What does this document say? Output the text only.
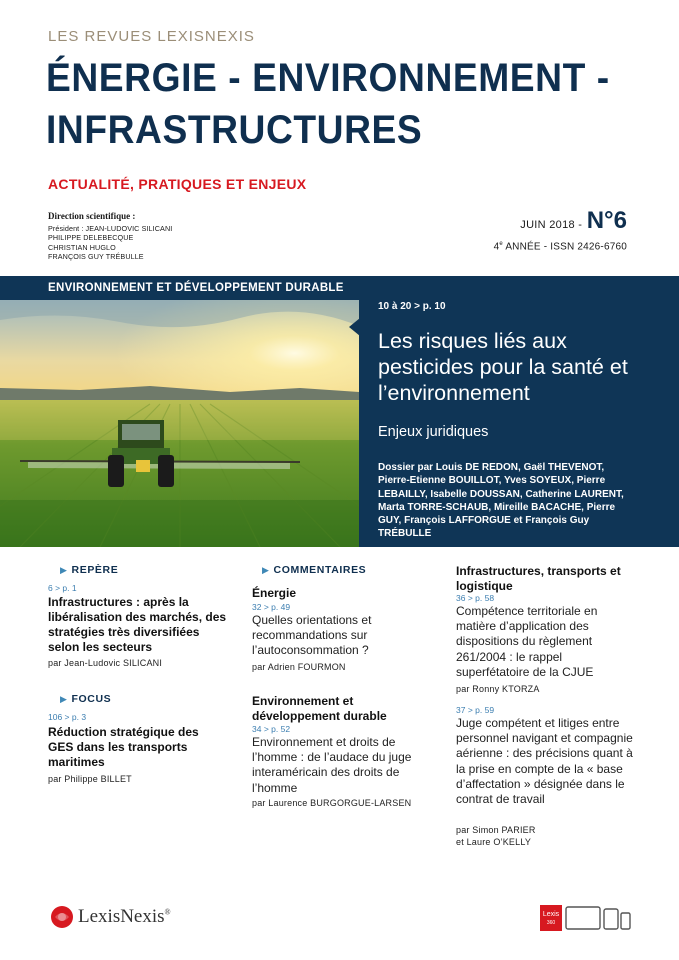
LES REVUES LEXISNEXIS
ÉNERGIE - ENVIRONNEMENT -
INFRASTRUCTURES
ACTUALITÉ, PRATIQUES ET ENJEUX
Direction scientifique :
Président : JEAN-LUDOVIC SILICANI
PHILIPPE DELEBECQUE
CHRISTIAN HUGLO
FRANÇOIS GUY TRÉBULLE
JUIN 2018 - N°6
4e ANNÉE - ISSN 2426-6760
ENVIRONNEMENT ET DÉVELOPPEMENT DURABLE
10 à 20 > p. 10
Les risques liés aux pesticides pour la santé et l’environnement
Enjeux juridiques
Dossier par Louis DE REDON, Gaël THEVENOT, Pierre-Etienne BOUILLOT, Yves SOYEUX, Pierre LEBAILLY, Isabelle DOUSSAN, Catherine LAURENT, Marta TORRE-SCHAUB, Mireille BACACHE, Pierre GUY, François LAFFORGUE et François Guy TRÉBULLE
▶ REPÈRE
6 > p. 1
Infrastructures : après la libéralisation des marchés, des stratégies très diversifiées selon les secteurs
par Jean-Ludovic SILICANI
▶ FOCUS
106 > p. 3
Réduction stratégique des GES dans les transports maritimes
par Philippe BILLET
▶ COMMENTAIRES
Énergie
32 > p. 49
Quelles orientations et recommandations sur l’autoconsommation ?
par Adrien FOURMON
Environnement et développement durable
34 > p. 52
Environnement et droits de l’homme : de l’audace du juge interaméricain des droits de l’homme
par Laurence BURGORGUE-LARSEN
Infrastructures, transports et logistique
36 > p. 58
Compétence territoriale en matière d’application des dispositions du règlement 261/2004 : le rappel superfétatoire de la CJUE
par Ronny KTORZA
37 > p. 59
Juge compétent et litiges entre personnel navigant et compagnie aérienne : des précisions quant à la prise en compte de la « base d’affectation » désignée dans le contrat de travail
par Simon PARIER
et Laure O’KELLY
LexisNexis®	Lexis
360
